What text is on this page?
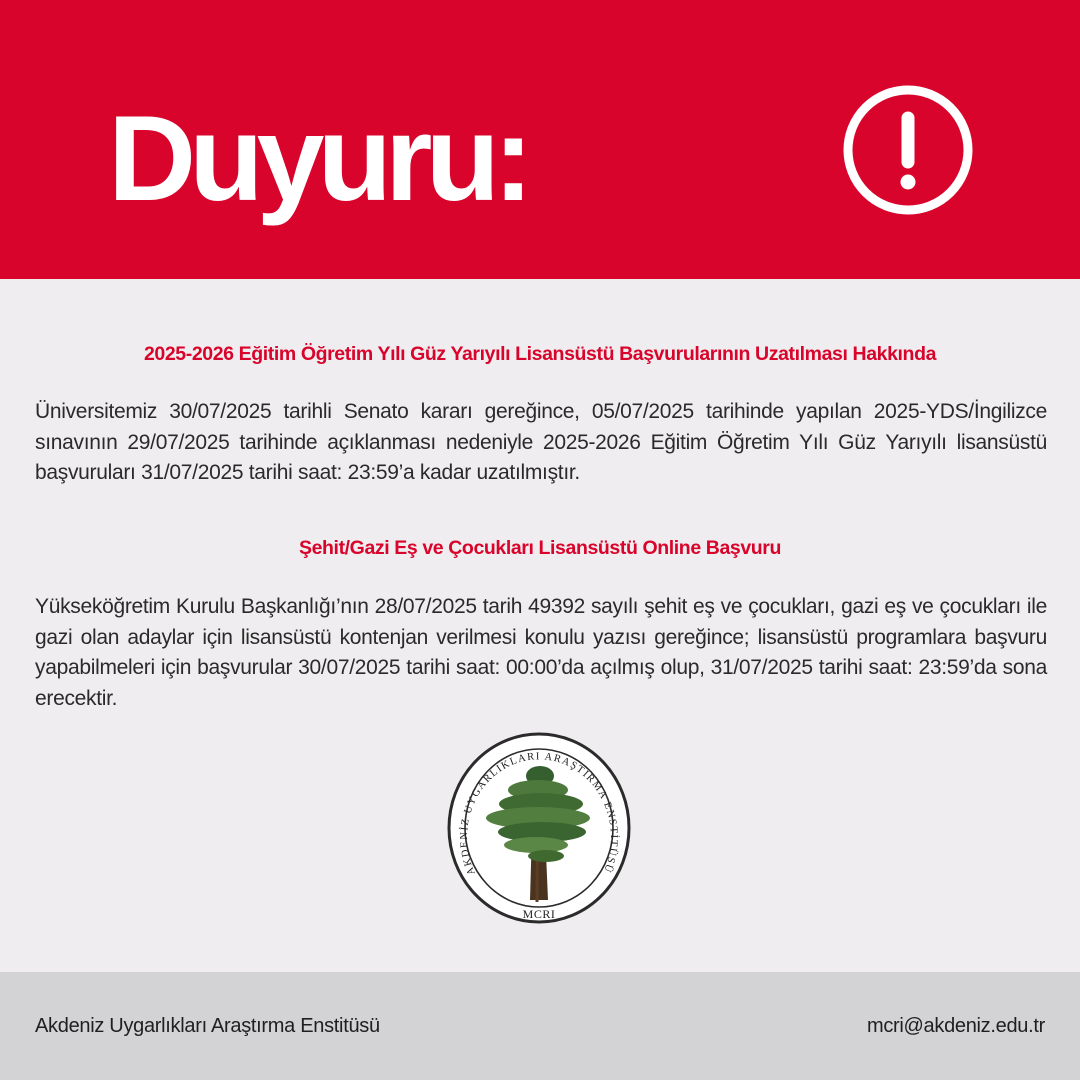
Duyuru:
2025-2026 Eğitim Öğretim Yılı Güz Yarıyılı Lisansüstü Başvurularının Uzatılması Hakkında
Üniversitemiz 30/07/2025 tarihli Senato kararı gereğince, 05/07/2025 tarihinde yapılan 2025-YDS/İngilizce sınavının 29/07/2025 tarihinde açıklanması nedeniyle 2025-2026 Eğitim Öğretim Yılı Güz Yarıyılı lisansüstü başvuruları 31/07/2025 tarihi saat: 23:59’a kadar uzatılmıştır.
Şehit/Gazi Eş ve Çocukları Lisansüstü Online Başvuru
Yükseköğretim Kurulu Başkanlığı’nın 28/07/2025 tarih 49392 sayılı şehit eş ve çocukları, gazi eş ve çocukları ile gazi olan adaylar için lisansüstü kontenjan verilmesi konulu yazısı gereğince; lisansüstü programlara başvuru yapabilmeleri için başvurular 30/07/2025 tarihi saat: 00:00’da açılmış olup, 31/07/2025 tarihi saat: 23:59’da sona erecektir.
AKDENİZ UYGARLIKLARI ARAŞTIRMA ENSTİTÜSÜ
MCRI
Akdeniz Uygarlıkları Araştırma Enstitüsü	mcri@akdeniz.edu.tr
